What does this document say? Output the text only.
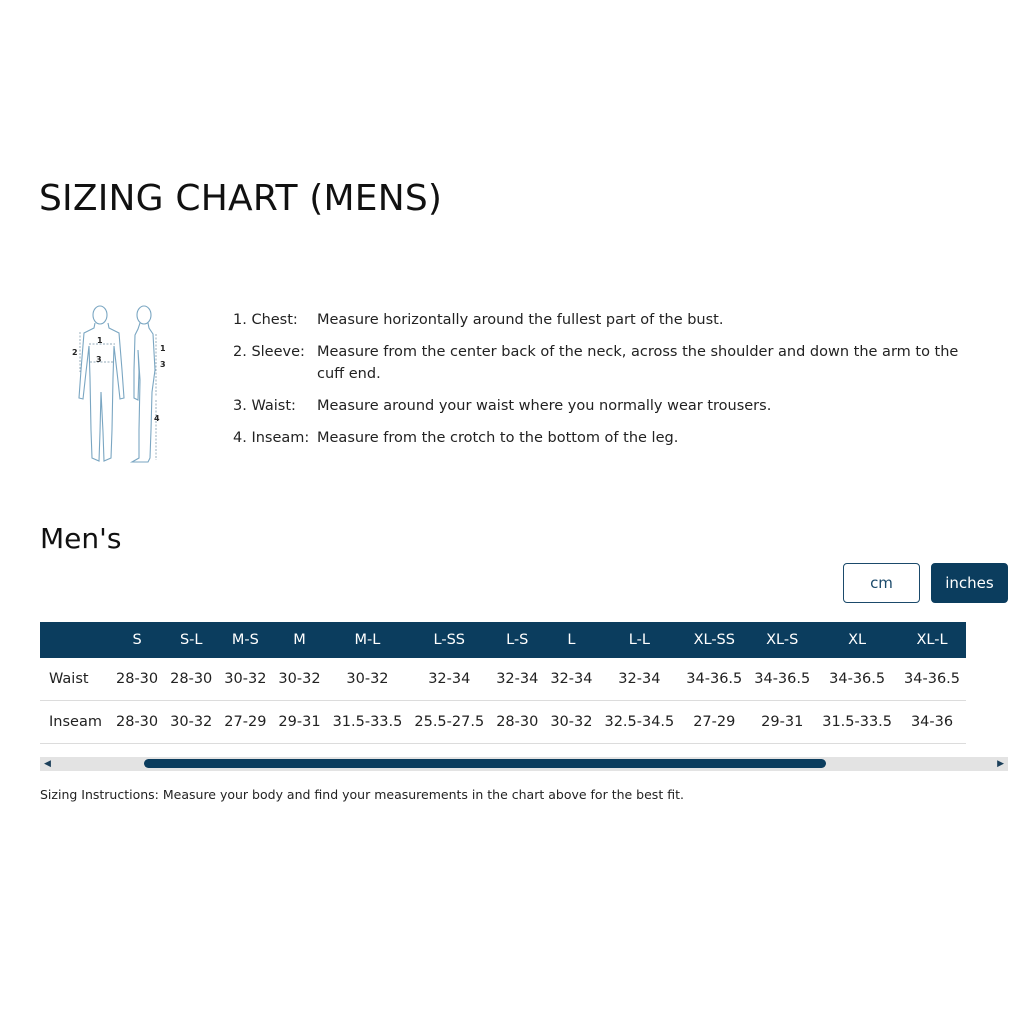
SIZING CHART (MENS)
1
2
3
1
3
4
1. Chest:	Measure horizontally around the fullest part of the bust.
2. Sleeve: Measure from the center back of the neck, across the shoulder and down the arm to the cuff end.
3. Waist:	Measure around your waist where you normally wear trousers.
4. Inseam: Measure from the crotch to the bottom of the leg.
Men's
cm	inches
	S	S-L	M-S	M	M-L	L-SS	L-S	L	L-L	XL-SS	XL-S	XL	XL-L
Waist	28-30	28-30	30-32	30-32	30-32	32-34	32-34	32-34	32-34	34-36.5	34-36.5	34-36.5	34-36.5
Inseam	28-30	30-32	27-29	29-31	31.5-33.5	25.5-27.5	28-30	30-32	32.5-34.5	27-29	29-31	31.5-33.5	34-36
◀	▶
Sizing Instructions: Measure your body and find your measurements in the chart above for the best fit.
